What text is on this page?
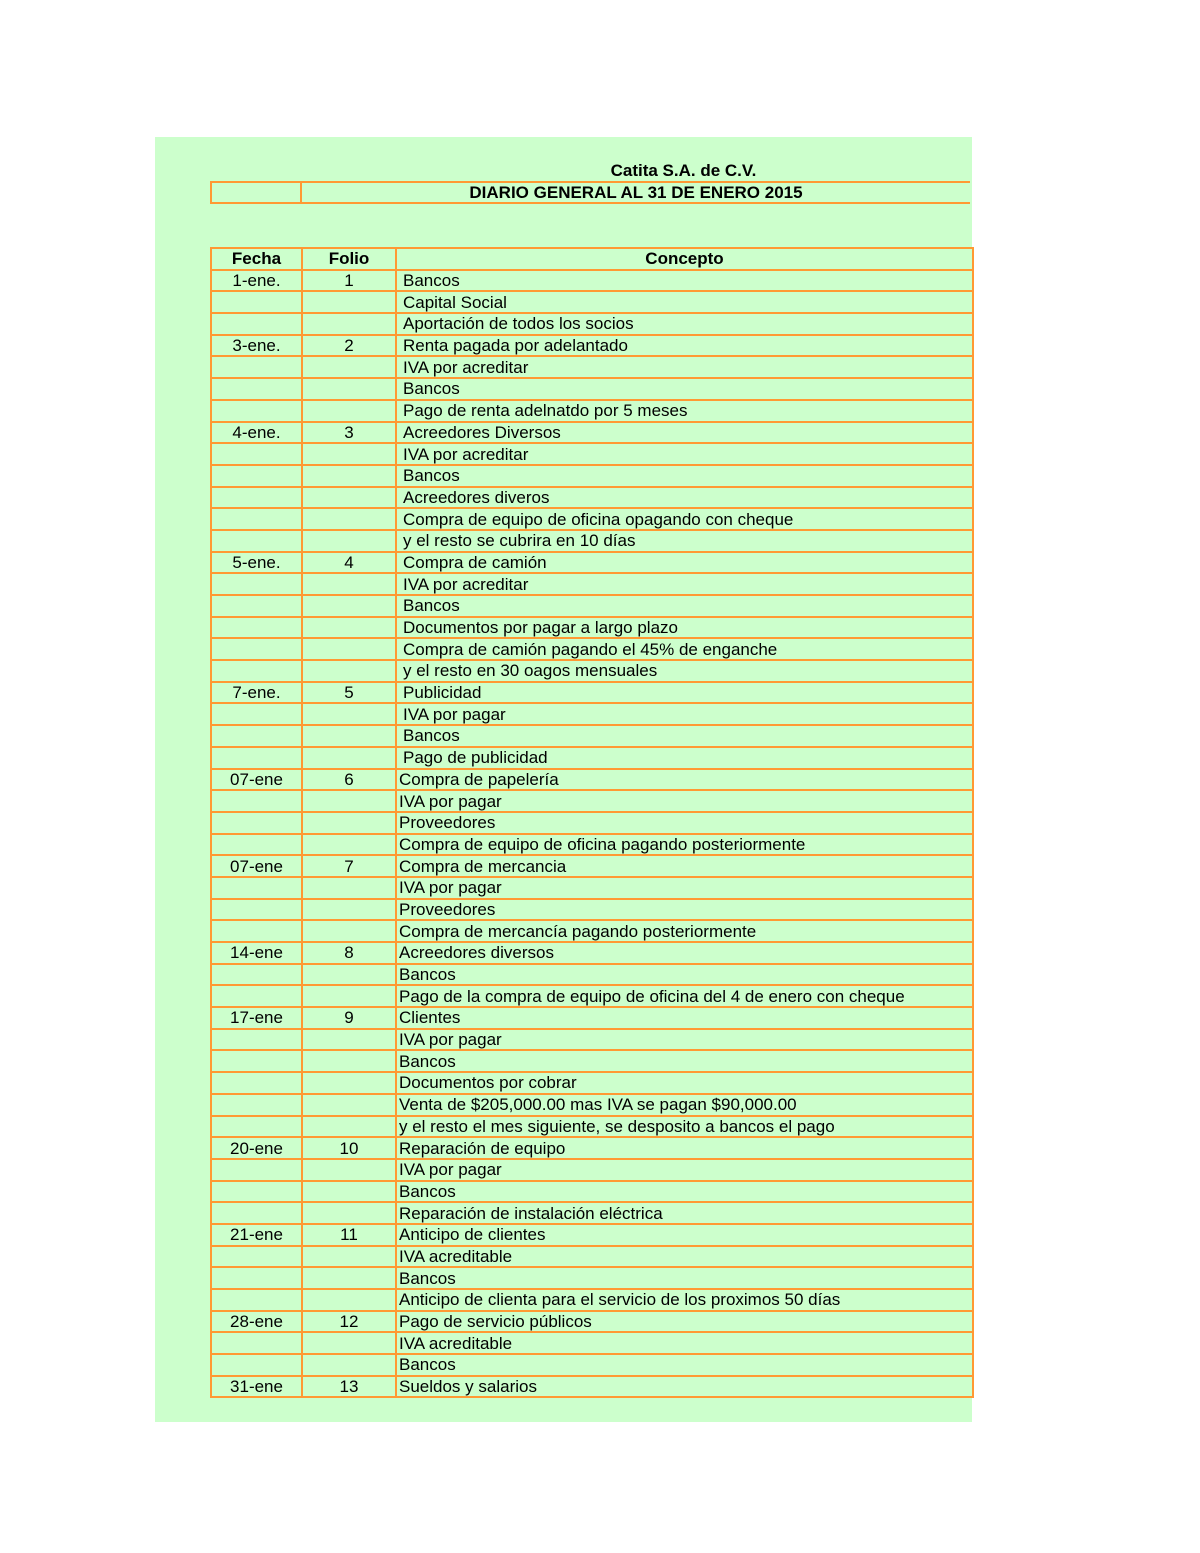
Catita S.A. de C.V.
	DIARIO GENERAL AL 31 DE ENERO 2015
Fecha	Folio	Concepto
1-ene.	1	Bancos
		Capital Social
		Aportación de todos los socios
3-ene.	2	Renta pagada por adelantado
		IVA por acreditar
		Bancos
		Pago de renta adelnatdo por 5 meses
4-ene.	3	Acreedores Diversos
		IVA por acreditar
		Bancos
		Acreedores diveros
		Compra de equipo de oficina opagando con cheque
		y el resto se cubrira en 10 días
5-ene.	4	Compra de camión
		IVA por acreditar
		Bancos
		Documentos por pagar a largo plazo
		Compra de camión pagando el 45% de enganche
		y el resto en 30 oagos mensuales
7-ene.	5	Publicidad
		IVA por pagar
		Bancos
		Pago de publicidad
07-ene	6	Compra de papelería
		IVA por pagar
		Proveedores
		Compra de equipo de oficina pagando posteriormente
07-ene	7	Compra de mercancia
		IVA por pagar
		Proveedores
		Compra de mercancía pagando posteriormente
14-ene	8	Acreedores diversos
		Bancos
		Pago de la compra de equipo de oficina del 4 de enero con cheque
17-ene	9	Clientes
		IVA por pagar
		Bancos
		Documentos por cobrar
		Venta de $205,000.00 mas IVA se pagan $90,000.00
		y el resto el mes siguiente, se desposito a bancos el pago
20-ene	10	Reparación de equipo
		IVA por pagar
		Bancos
		Reparación de instalación eléctrica
21-ene	11	Anticipo de clientes
		IVA acreditable
		Bancos
		Anticipo de clienta para el servicio de los proximos 50 días
28-ene	12	Pago de servicio públicos
		IVA acreditable
		Bancos
31-ene	13	Sueldos y salarios
